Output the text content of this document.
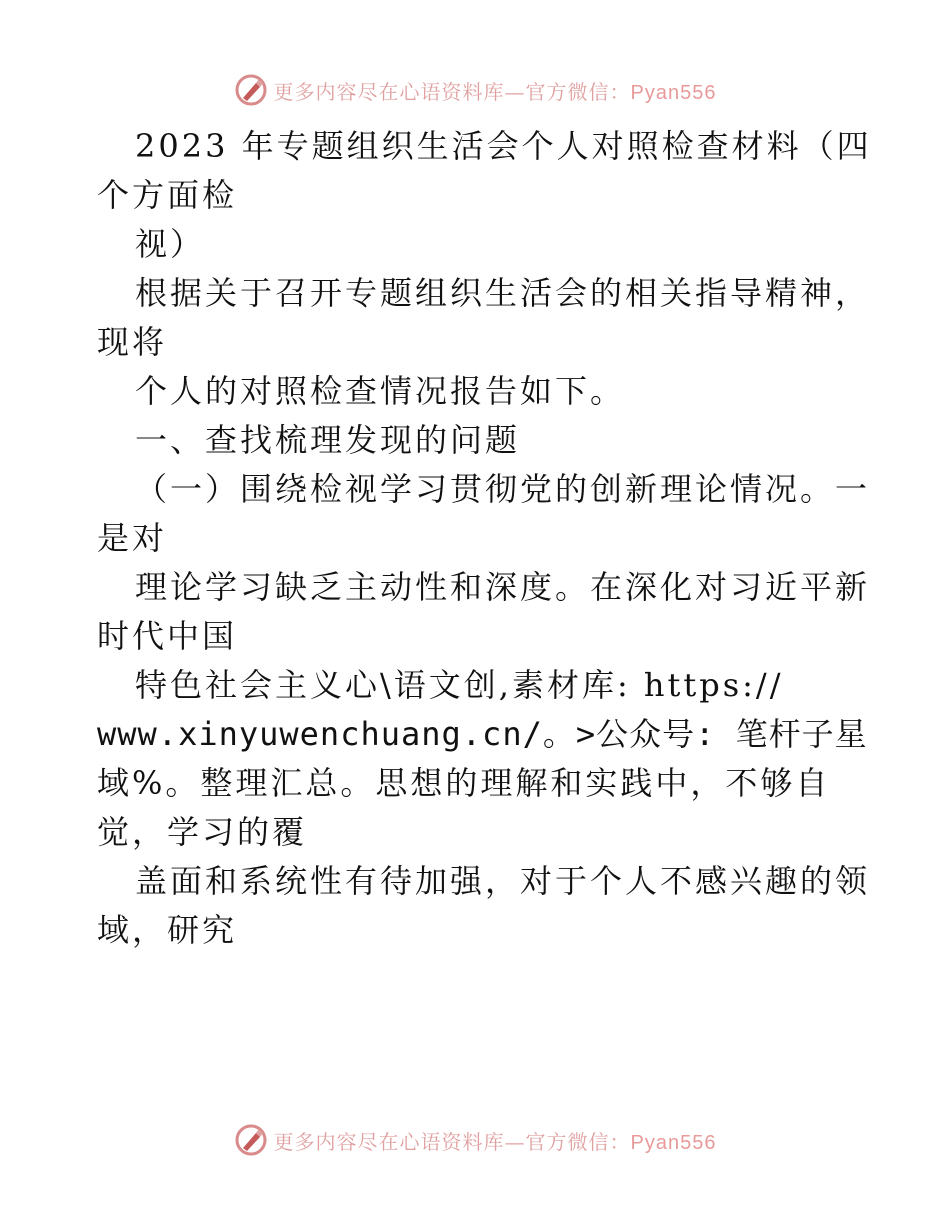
更多内容尽在心语资料库—官方微信：Pyan556
2023 年专题组织生活会个人对照检查材料（四
个方面检
视）
根据关于召开专题组织生活会的相关指导精神，
现将
个人的对照检查情况报告如下。
一、查找梳理发现的问题
（一）围绕检视学习贯彻党的创新理论情况。一
是对
理论学习缺乏主动性和深度。在深化对习近平新
时代中国
特色社会主义心\语文创,素材库: https://
www.xinyuwenchuang.cn/。>公众号: 笔杆子星
域%。整理汇总。思想的理解和实践中，不够自
觉，学习的覆
盖面和系统性有待加强，对于个人不感兴趣的领
域，研究
更多内容尽在心语资料库—官方微信：Pyan556
